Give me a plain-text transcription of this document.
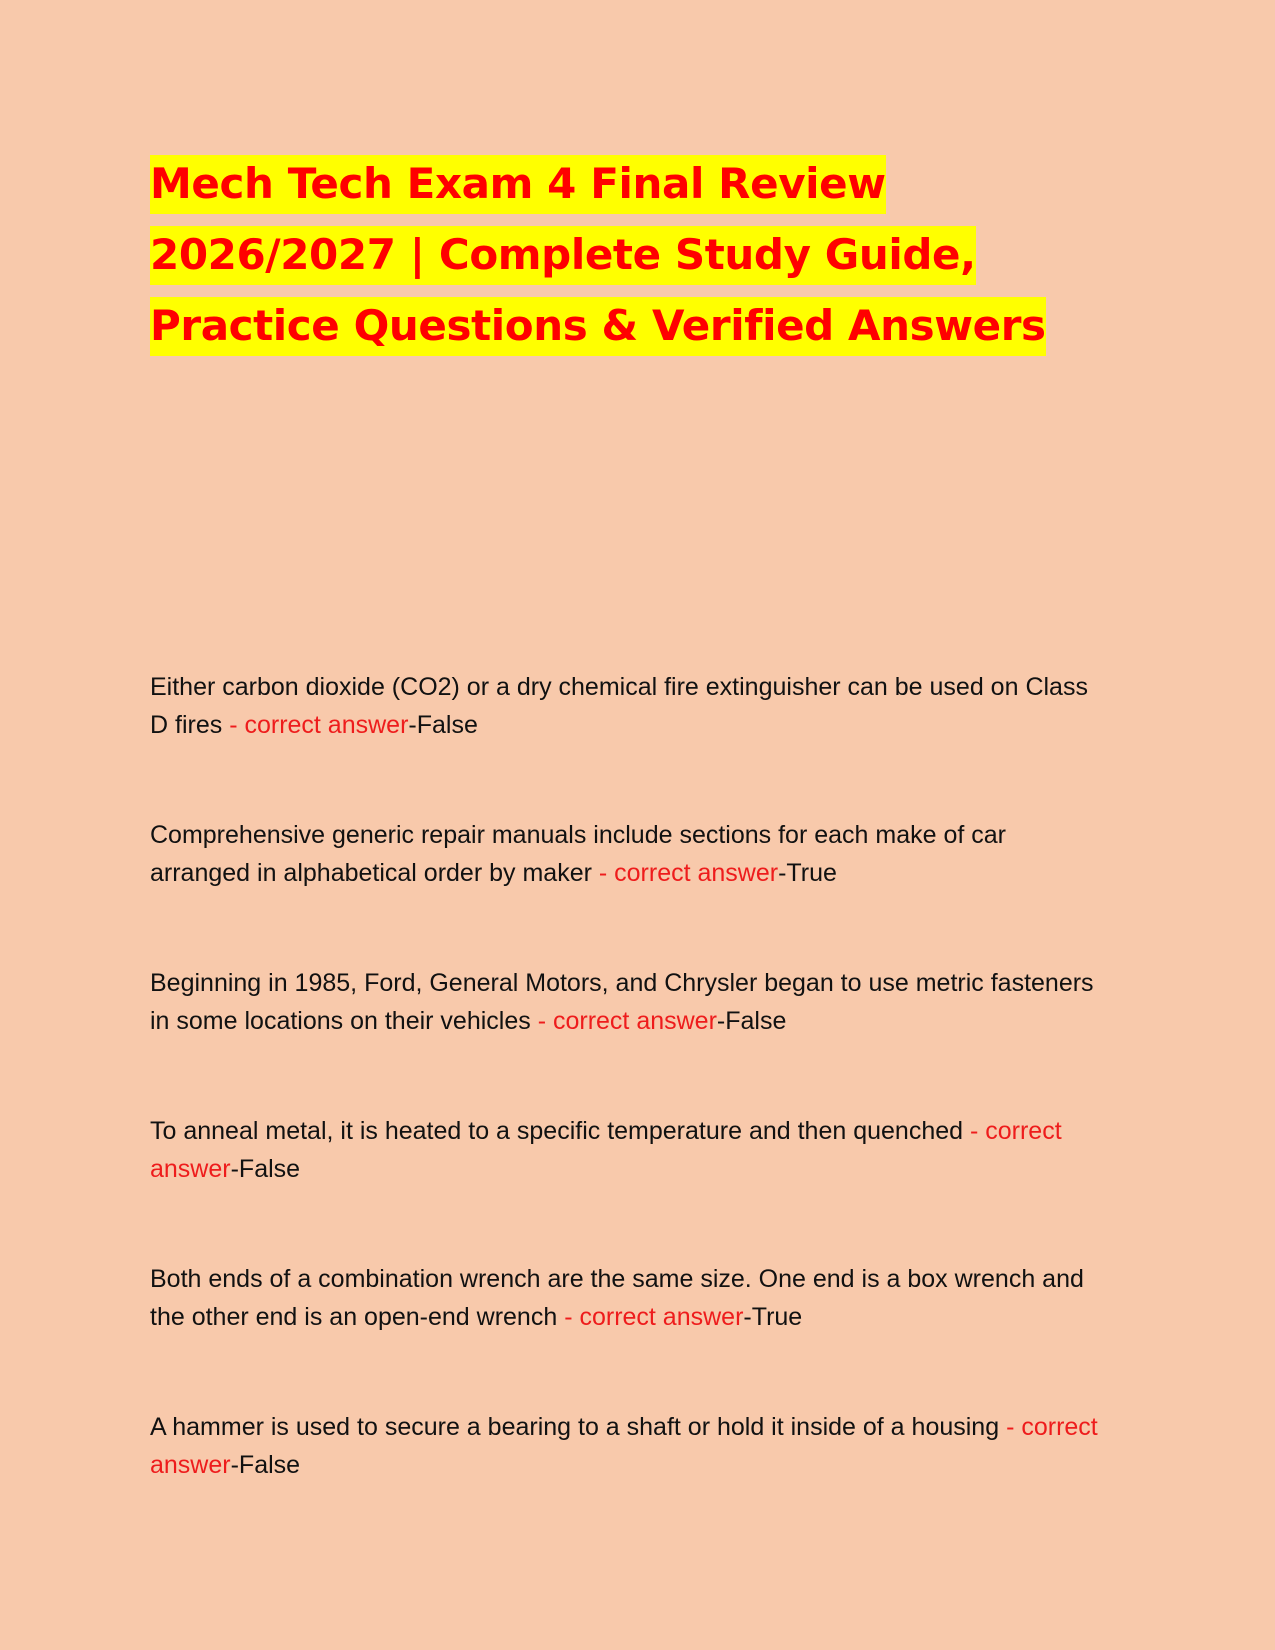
Mech Tech Exam 4 Final Review 2026/2027 | Complete Study Guide, Practice Questions & Verified Answers
Either carbon dioxide (CO2) or a dry chemical fire extinguisher can be used on Class D fires - correct answer-False
Comprehensive generic repair manuals include sections for each make of car arranged in alphabetical order by maker - correct answer-True
Beginning in 1985, Ford, General Motors, and Chrysler began to use metric fasteners in some locations on their vehicles - correct answer-False
To anneal metal, it is heated to a specific temperature and then quenched - correct answer-False
Both ends of a combination wrench are the same size. One end is a box wrench and the other end is an open-end wrench - correct answer-True
A hammer is used to secure a bearing to a shaft or hold it inside of a housing - correct answer-False
